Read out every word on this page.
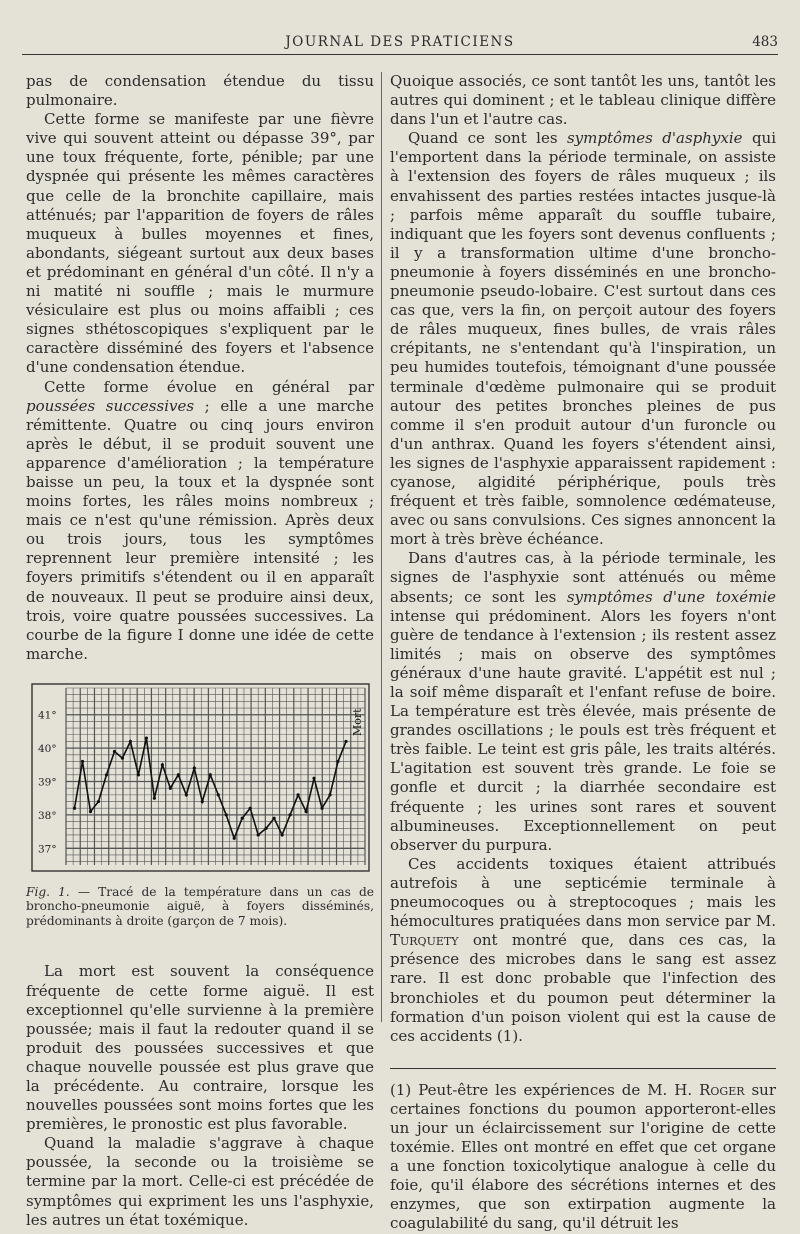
JOURNAL DES PRATICIENS	483

pas de condensation étendue du tissu pulmonaire.

Cette forme se manifeste par une fièvre vive qui souvent atteint ou dépasse 39°, par une toux fréquente, forte, pénible; par une dyspnée qui présente les mêmes caractères que celle de la bronchite capillaire, mais atténués; par l'apparition de foyers de râles muqueux à bulles moyennes et fines, abondants, siégeant surtout aux deux bases et prédominant en général d'un côté. Il n'y a ni matité ni souffle ; mais le murmure vésiculaire est plus ou moins affaibli ; ces signes sthétoscopiques s'expliquent par le caractère disséminé des foyers et l'absence d'une condensation étendue.

Cette forme évolue en général par poussées successives ; elle a une marche rémittente. Quatre ou cinq jours environ après le début, il se produit souvent une apparence d'amélioration ; la température baisse un peu, la toux et la dyspnée sont moins fortes, les râles moins nombreux ; mais ce n'est qu'une rémission. Après deux ou trois jours, tous les symptômes reprennent leur première intensité ; les foyers primitifs s'étendent ou il en apparaît de nouveaux. Il peut se produire ainsi deux, trois, voire quatre poussées successives. La courbe de la figure I donne une idée de cette marche.

41°
40°
39°
38°
37°
Mort
Fig. 1. — Tracé de la température dans un cas de broncho-pneumonie aiguë, à foyers disséminés, prédominants à droite (garçon de 7 mois).

La mort est souvent la conséquence fréquente de cette forme aiguë. Il est exceptionnel qu'elle survienne à la première poussée; mais il faut la redouter quand il se produit des poussées successives et que chaque nouvelle poussée est plus grave que la précédente. Au contraire, lorsque les nouvelles poussées sont moins fortes que les premières, le pronostic est plus favorable.

Quand la maladie s'aggrave à chaque poussée, la seconde ou la troisième se termine par la mort. Celle-ci est précédée de symptômes qui expriment les uns l'asphyxie, les autres un état toxémique.

Quoique associés, ce sont tantôt les uns, tantôt les autres qui dominent ; et le tableau clinique diffère dans l'un et l'autre cas.

Quand ce sont les symptômes d'asphyxie qui l'emportent dans la période terminale, on assiste à l'extension des foyers de râles muqueux ; ils envahissent des parties restées intactes jusque-là ; parfois même apparaît du souffle tubaire, indiquant que les foyers sont devenus confluents ; il y a transformation ultime d'une broncho-pneumonie à foyers disséminés en une broncho-pneumonie pseudo-lobaire. C'est surtout dans ces cas que, vers la fin, on perçoit autour des foyers de râles muqueux, fines bulles, de vrais râles crépitants, ne s'entendant qu'à l'inspiration, un peu humides toutefois, témoignant d'une poussée terminale d'œdème pulmonaire qui se produit autour des petites bronches pleines de pus comme il s'en produit autour d'un furoncle ou d'un anthrax. Quand les foyers s'étendent ainsi, les signes de l'asphyxie apparaissent rapidement : cyanose, algidité périphérique, pouls très fréquent et très faible, somnolence œdémateuse, avec ou sans convulsions. Ces signes annoncent la mort à très brève échéance.

Dans d'autres cas, à la période terminale, les signes de l'asphyxie sont atténués ou même absents; ce sont les symptômes d'une toxémie intense qui prédominent. Alors les foyers n'ont guère de tendance à l'extension ; ils restent assez limités ; mais on observe des symptômes généraux d'une haute gravité. L'appétit est nul ; la soif même disparaît et l'enfant refuse de boire. La température est très élevée, mais présente de grandes oscillations ; le pouls est très fréquent et très faible. Le teint est gris pâle, les traits altérés. L'agitation est souvent très grande. Le foie se gonfle et durcit ; la diarrhée secondaire est fréquente ; les urines sont rares et souvent albumineuses. Exceptionnellement on peut observer du purpura.

Ces accidents toxiques étaient attribués autrefois à une septicémie terminale à pneumocoques ou à streptocoques ; mais les hémocultures pratiquées dans mon service par M. Turquety ont montré que, dans ces cas, la présence des microbes dans le sang est assez rare. Il est donc probable que l'infection des bronchioles et du poumon peut déterminer la formation d'un poison violent qui est la cause de ces accidents (1).

(1) Peut-être les expériences de M. H. Roger sur certaines fonctions du poumon apporteront-elles un jour un éclaircissement sur l'origine de cette toxémie. Elles ont montré en effet que cet organe a une fonction toxicolytique analogue à celle du foie, qu'il élabore des sécrétions internes et des enzymes, que son extirpation augmente la coagulabilité du sang, qu'il détruit les
